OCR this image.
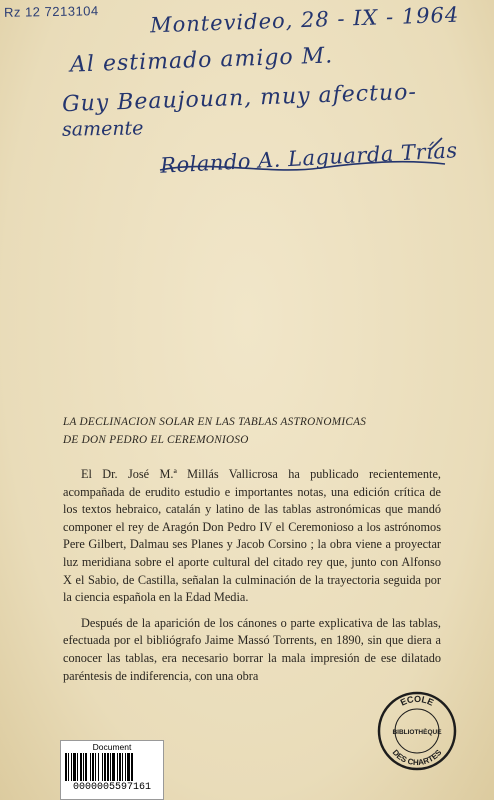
Rz 12 7213104 Montevideo, 28 - IX - 1964
Al estimado amigo M.
Guy Beaujouan, muy afectuo-
samente
Rolando A. Laguarda Trías
LA DECLINACION SOLAR EN LAS TABLAS ASTRONOMICAS
DE DON PEDRO EL CEREMONIOSO

El Dr. José M.ª Millás Vallicrosa ha publicado recientemente, acompañada de erudito estudio e importantes notas, una edición crítica de los textos hebraico, catalán y latino de las tablas astronómicas que mandó componer el rey de Aragón Don Pedro IV el Ceremonioso a los astrónomos Pere Gilbert, Dalmau ses Planes y Jacob Corsino ; la obra viene a proyectar luz meridiana sobre el aporte cultural del citado rey que, junto con Alfonso X el Sabio, de Castilla, señalan la culminación de la trayectoria seguida por la ciencia española en la Edad Media.

Después de la aparición de los cánones o parte explicativa de las tablas, efectuada por el bibliógrafo Jaime Massó Torrents, en 1890, sin que diera a conocer las tablas, era necesario borrar la mala impresión de ese dilatado paréntesis de indiferencia, con una obra

ECOLE
BIBLIOTHÈQUE
DES CHARTES
Document
0000005597161
